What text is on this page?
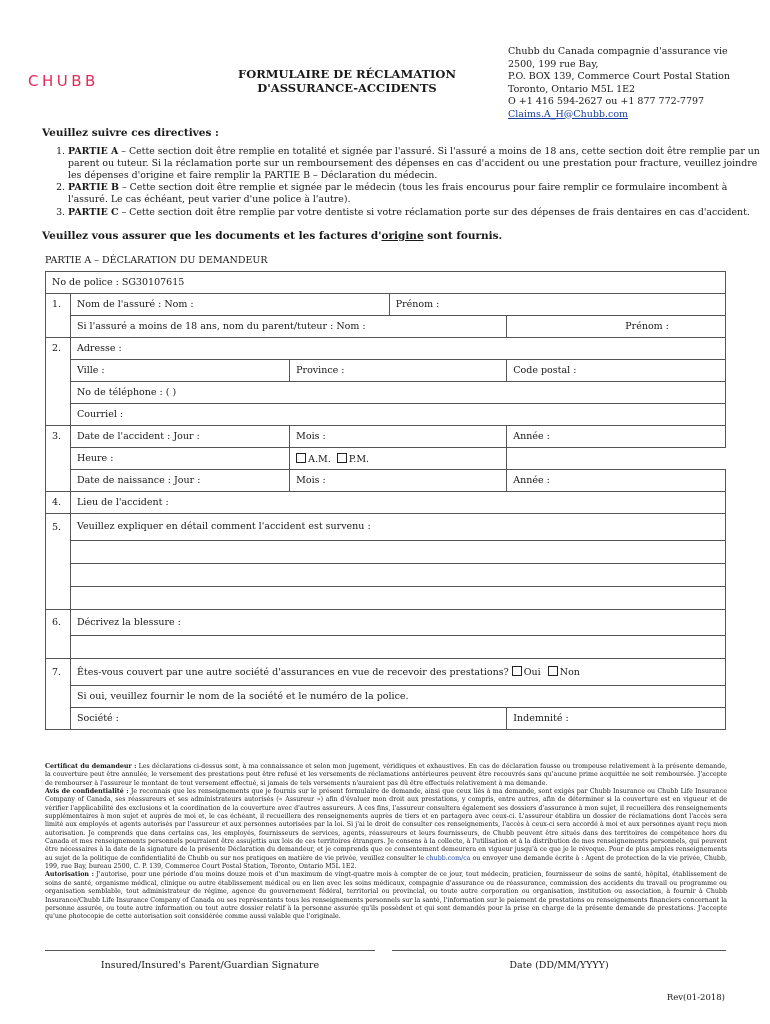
CHUBB	FORMULAIRE DE RÉCLAMATION
D'ASSURANCE-ACCIDENTS
Chubb du Canada compagnie d'assurance vie
2500, 199 rue Bay,
P.O. BOX 139, Commerce Court Postal Station
Toronto, Ontario M5L 1E2
O +1 416 594-2627 ou +1 877 772-7797
Claims.A_H@Chubb.com
Veuillez suivre ces directives :
1. PARTIE A – Cette section doit être remplie en totalité et signée par l'assuré. Si l'assuré a moins de 18 ans, cette section doit être remplie par un parent ou tuteur. Si la réclamation porte sur un remboursement des dépenses en cas d'accident ou une prestation pour fracture, veuillez joindre les dépenses d'origine et faire remplir la PARTIE B – Déclaration du médecin.
2. PARTIE B – Cette section doit être remplie et signée par le médecin (tous les frais encourus pour faire remplir ce formulaire incombent à l'assuré. Le cas échéant, peut varier d'une police à l'autre).
3. PARTIE C – Cette section doit être remplie par votre dentiste si votre réclamation porte sur des dépenses de frais dentaires en cas d'accident.
Veuillez vous assurer que les documents et les factures d'origine sont fournis.
PARTIE A – DÉCLARATION DU DEMANDEUR
No de police : SG30107615				
1.	Nom de l'assuré : Nom :		Prénom :	
	Si l'assuré a moins de 18 ans, nom du parent/tuteur : Nom :			Prénom :
2.	Adresse :			
	Ville :	Province :		Code postal :
	No de téléphone : ( )			
	Courriel :			
3.	Date de l'accident : Jour :	Mois :		Année :
	Heure :	A.M. P.M.		
	Date de naissance : Jour :	Mois :		Année :
4.	Lieu de l'accident :			
5.	Veuillez expliquer en détail comment l'accident est survenu :			

6.	Décrivez la blessure :			

7.	Êtes-vous couvert par une autre société d'assurances en vue de recevoir des prestations? Oui Non			
	Si oui, veuillez fournir le nom de la société et le numéro de la police.			
	Société :			Indemnité :
Certificat du demandeur : Les déclarations ci-dessus sont, à ma connaissance et selon mon jugement, véridiques et exhaustives. En cas de déclaration fausse ou trompeuse relativement à la présente demande, la couverture peut être annulée, le versement des prestations peut être refusé et les versements de réclamations antérieures peuvent être recouvrés sans qu'aucune prime acquittée ne soit remboursée. J'accepte de rembourser à l'assureur le montant de tout versement effectué, si jamais de tels versements n'auraient pas dû être effectués relativement à ma demande.
Avis de confidentialité : Je reconnais que les renseignements que je fournis sur le présent formulaire de demande, ainsi que ceux liés à ma demande, sont exigés par Chubb Insurance ou Chubb Life Insurance Company of Canada, ses réassureurs et ses administrateurs autorisés (« Assureur ») afin d'évaluer mon droit aux prestations, y compris, entre autres, afin de déterminer si la couverture est en vigueur et de vérifier l'applicabilité des exclusions et la coordination de la couverture avec d'autres assureurs. À ces fins, l'assureur consultera également ses dossiers d'assurance à mon sujet, il recueillera des renseignements supplémentaires à mon sujet et auprès de moi et, le cas échéant, il recueillera des renseignements auprès de tiers et en partagera avec ceux-ci. L'assureur établira un dossier de réclamations dont l'accès sera limité aux employés et agents autorisés par l'assureur et aux personnes autorisées par la loi. Si j'ai le droit de consulter ces renseignements, l'accès à ceux-ci sera accordé à moi et aux personnes ayant reçu mon autorisation. Je comprends que dans certains cas, les employés, fournisseurs de services, agents, réassureurs et leurs fournisseurs, de Chubb peuvent être situés dans des territoires de compétence hors du Canada et mes renseignements personnels pourraient être assujettis aux lois de ces territoires étrangers. Je consens à la collecte, à l'utilisation et à la distribution de mes renseignements personnels, qui peuvent être nécessaires à la date de la signature de la présente Déclaration du demandeur, et je comprends que ce consentement demeurera en vigueur jusqu'à ce que je le révoque. Pour de plus amples renseignements au sujet de la politique de confidentialité de Chubb ou sur nos pratiques en matière de vie privée, veuillez consulter le chubb.com/ca ou envoyer une demande écrite à : Agent de protection de la vie privée, Chubb, 199, rue Bay, bureau 2500, C. P. 139, Commerce Court Postal Station, Toronto, Ontario M5L 1E2.
Autorisation : J'autorise, pour une période d'au moins douze mois et d'un maximum de vingt-quatre mois à compter de ce jour, tout médecin, praticien, fournisseur de soins de santé, hôpital, établissement de soins de santé, organisme médical, clinique ou autre établissement médical ou en lien avec les soins médicaux, compagnie d'assurance ou de réassurance, commission des accidents du travail ou programme ou organisation semblable, tout administrateur de régime, agence du gouvernement fédéral, territorial ou provincial, ou toute autre corporation ou organisation, institution ou association, à fournir à Chubb Insurance/Chubb Life Insurance Company of Canada ou ses représentants tous les renseignements personnels sur la santé, l'information sur le paiement de prestations ou renseignements financiers concernant la personne assurée, ou toute autre information ou tout autre dossier relatif à la personne assurée qu'ils possèdent et qui sont demandés pour la prise en charge de la présente demande de prestations. J'accepte qu'une photocopie de cette autorisation soit considérée comme aussi valable que l'originale.
Insured/Insured's Parent/Guardian Signature	Date (DD/MM/YYYY)
Rev(01-2018)
